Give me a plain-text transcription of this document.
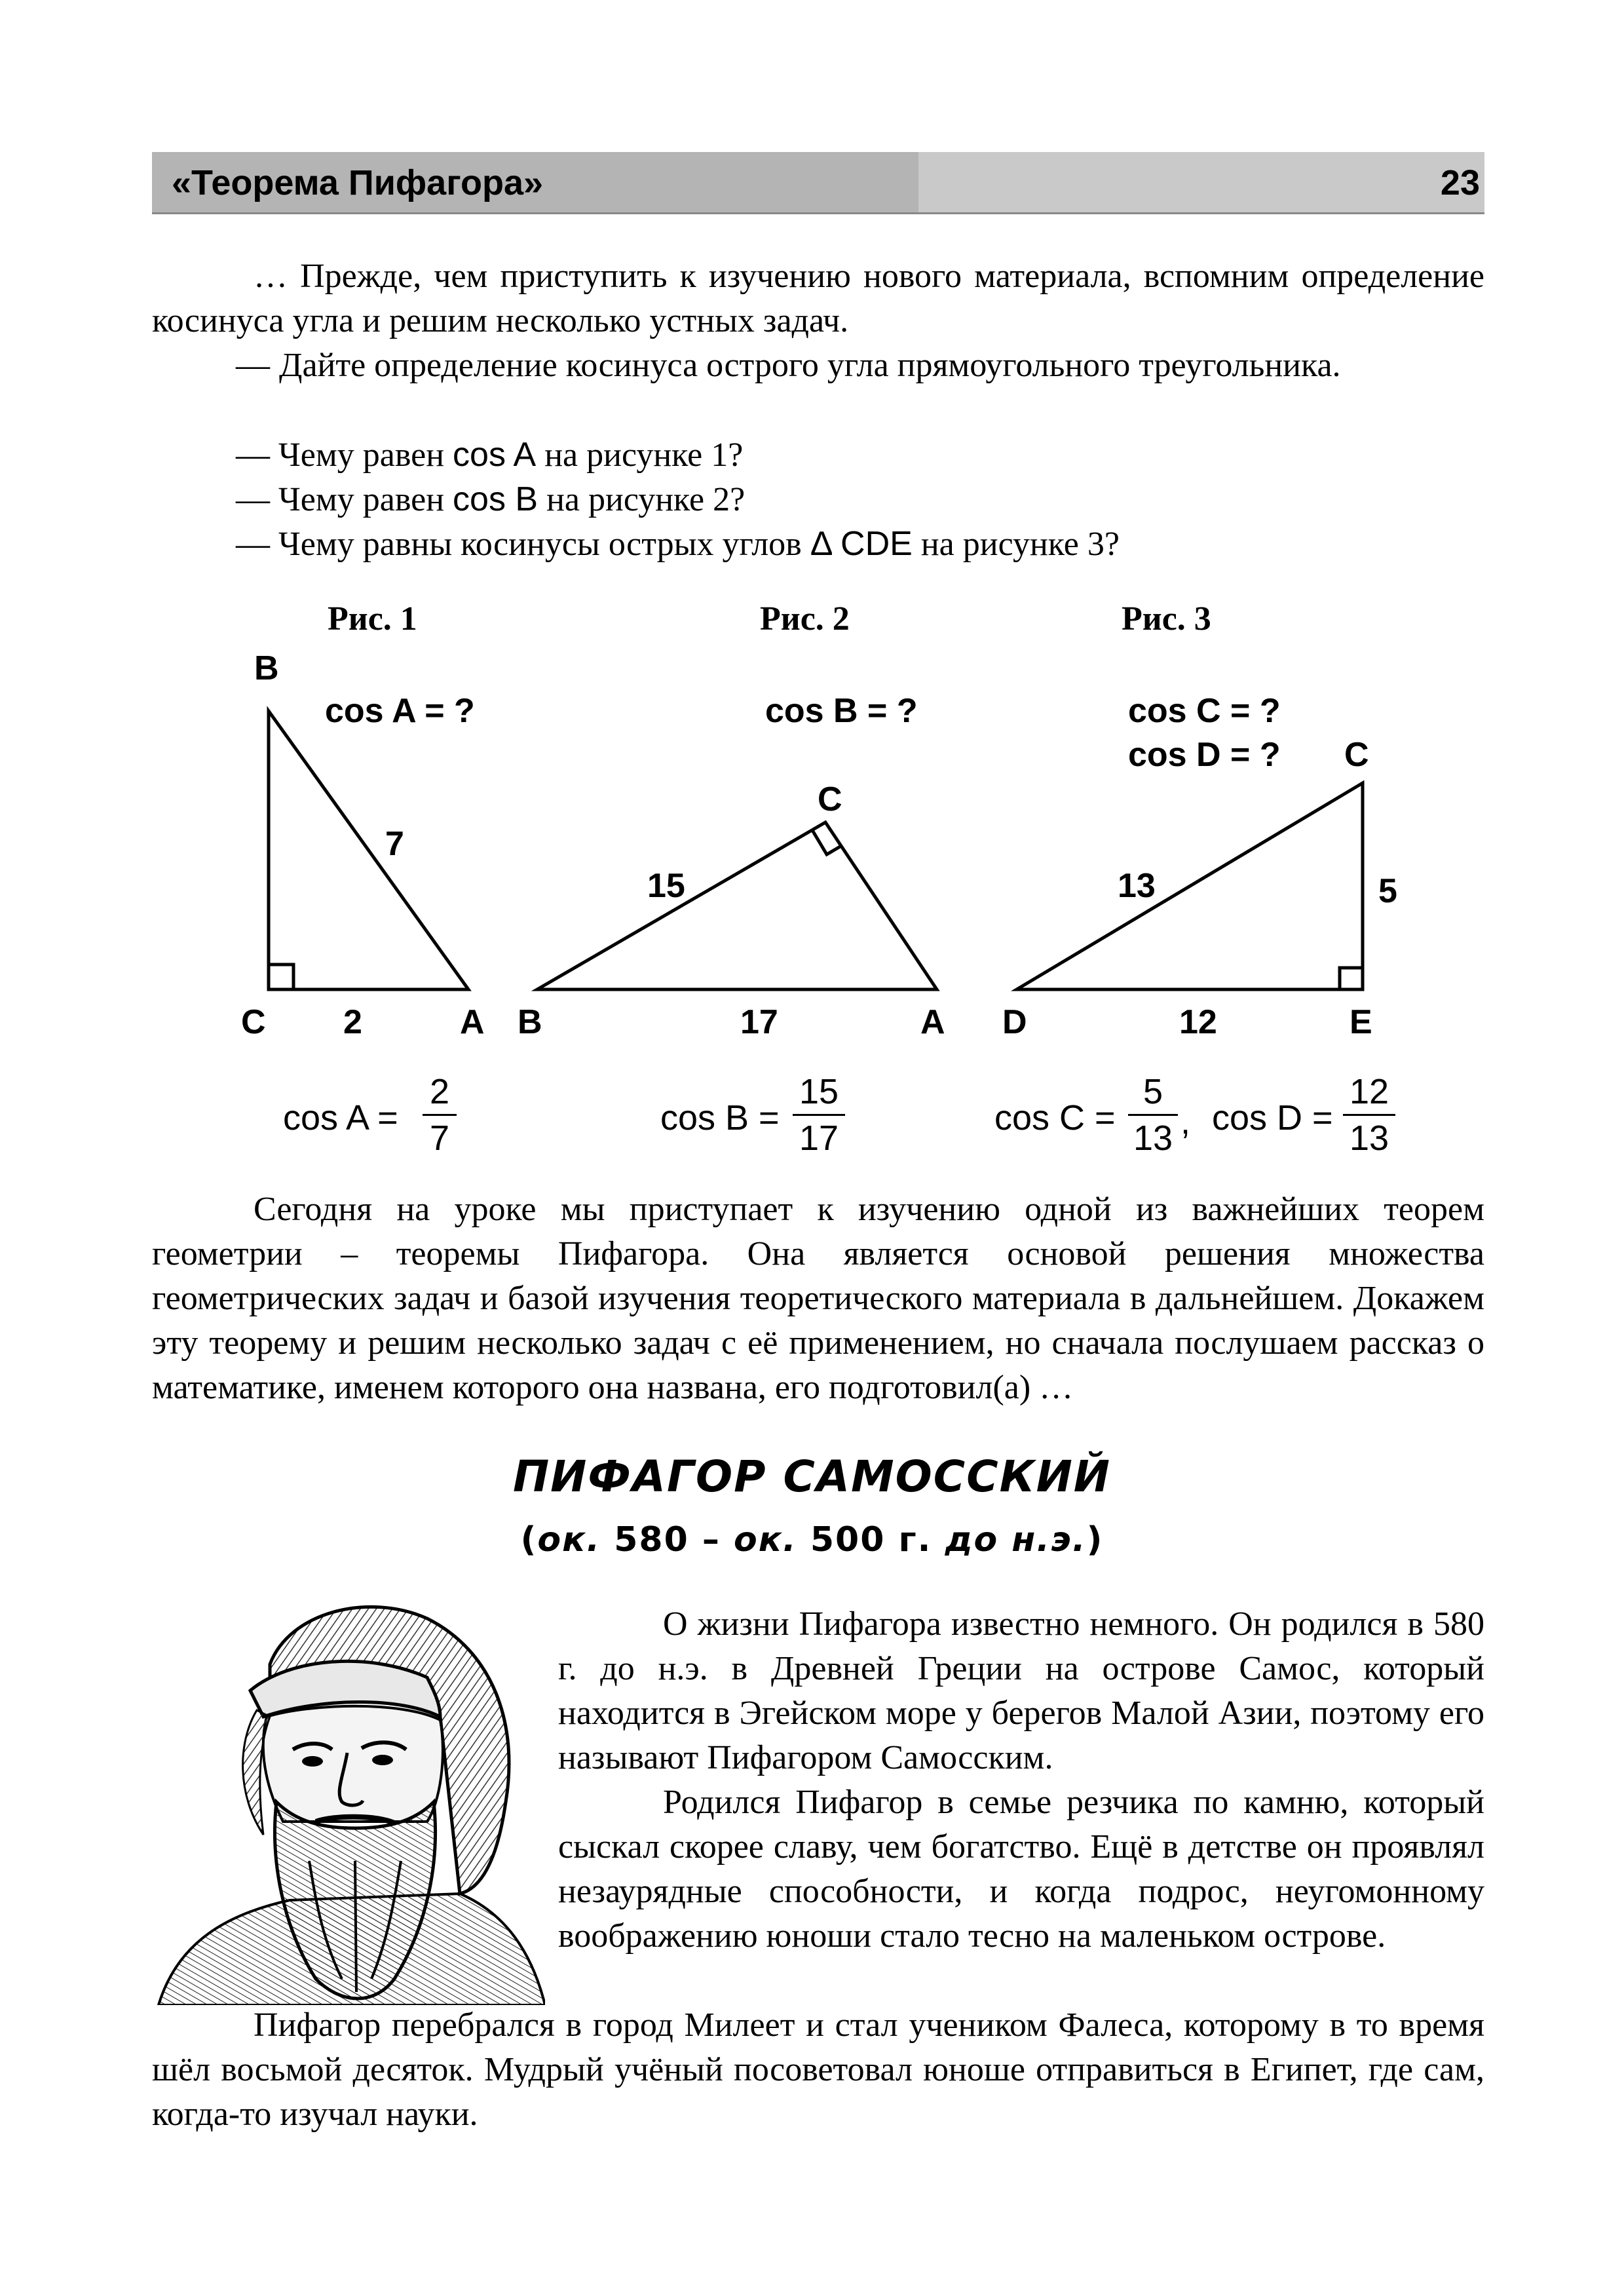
«Теорема Пифагора»	23
… Прежде, чем приступить к изучению нового материала, вспомним определение косинуса угла и решим несколько устных задач.
— Дайте определение косинуса острого угла прямоугольного треугольника.
— Чему равен cos A на рисунке 1?
— Чему равен cos B на рисунке 2?
— Чему равны косинусы острых углов Δ CDE на рисунке 3?
Рис. 1	Рис. 2	Рис. 3
B
cos A = ?
7
C 2	A
cos B = ?
C
15
B	17	A
cos C = ?
cos D = ? C
13	5
D	12	E
cos A =
2
7
cos B =
15
17
cos C =
5
13 , cos D =
12
13
Сегодня на уроке мы приступает к изучению одной из важнейших теорем геометрии – теоремы Пифагора. Она является основой решения множества геометрических задач и базой изучения теоретического материала в дальнейшем. Докажем эту теорему и решим несколько задач с её применением, но сначала послушаем рассказ о математике, именем которого она названа, его подготовил(а) …
ПИФАГОР САМОССКИЙ
(ок. 580 – ок. 500 г. до н.э.)
О жизни Пифагора известно немного. Он родился в 580 г. до н.э. в Древней Греции на острове Самос, который находится в Эгейском море у берегов Малой Азии, поэтому его называют Пифагором Самосским.
Родился Пифагор в семье резчика по камню, который сыскал скорее славу, чем богатство. Ещё в детстве он проявлял незаурядные способности, и когда подрос, неугомонному воображению юноши стало тесно на маленьком острове.
Пифагор перебрался в город Милеет и стал учеником Фалеса, которому в то время шёл восьмой десяток. Мудрый учёный посоветовал юноше отправиться в Египет, где сам, когда-то изучал науки.
